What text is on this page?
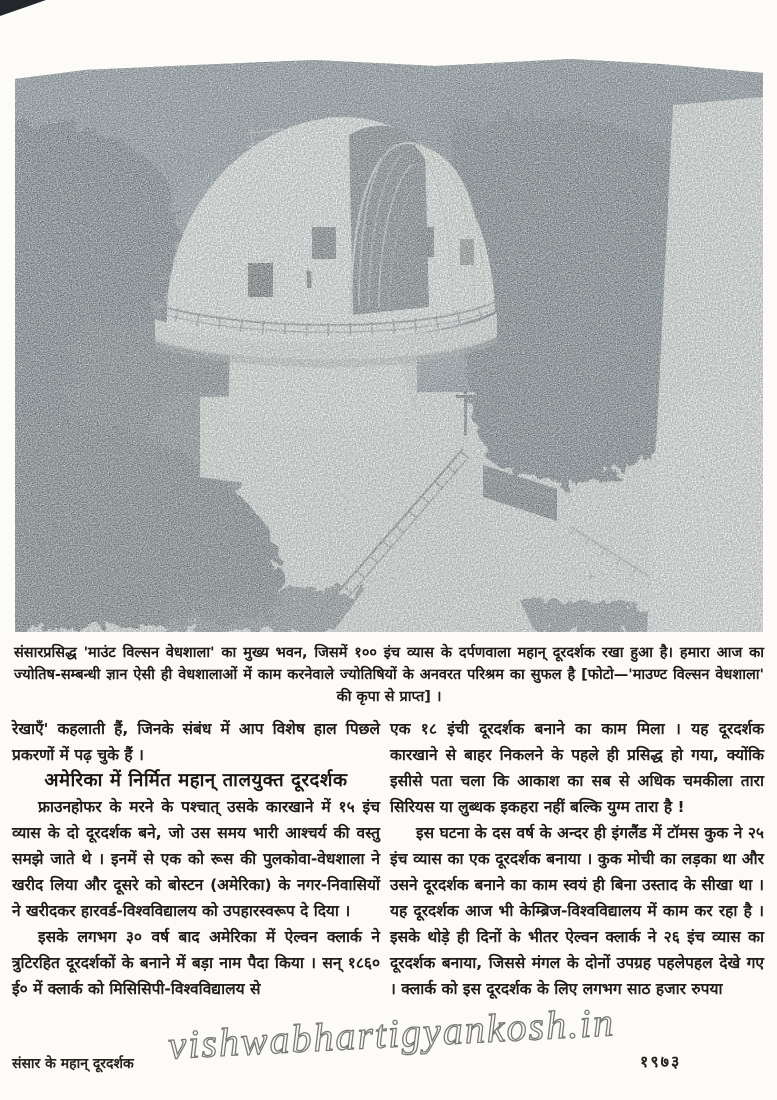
संसारप्रसिद्ध 'माउंट विल्सन वेधशाला' का मुख्य भवन, जिसमें १०० इंच व्यास के दर्पणवाला महान् दूरदर्शक रखा हुआ है। हमारा आज का ज्योतिष-सम्बन्धी ज्ञान ऐसी ही वेधशालाओं में काम करनेवाले ज्योतिषियों के अनवरत परिश्रम का सुफल है [फोटो—'माउण्ट विल्सन वेधशाला' की कृपा से प्राप्त] ।

रेखाएँ' कहलाती हैं, जिनके संबंध में आप विशेष हाल पिछले प्रकरणों में पढ़ चुके हैं ।

अमेरिका में निर्मित महान् तालयुक्त दूरदर्शक

फ्राउनहोफर के मरने के पश्चात् उसके कारखाने में १५ इंच व्यास के दो दूरदर्शक बने, जो उस समय भारी आश्चर्य की वस्तु समझे जाते थे । इनमें से एक को रूस की पुलकोवा-वेधशाला ने खरीद लिया और दूसरे को बोस्टन (अमेरिका) के नगर-निवासियों ने खरीदकर हारवर्ड-विश्वविद्यालय को उपहारस्वरूप दे दिया ।

इसके लगभग ३० वर्ष बाद अमेरिका में ऐल्वन क्लार्क ने त्रुटिरहित दूरदर्शकों के बनाने में बड़ा नाम पैदा किया । सन् १८६० ई० में क्लार्क को मिसिसिपी-विश्वविद्यालय से

एक १८ इंची दूरदर्शक बनाने का काम मिला । यह दूरदर्शक कारखाने से बाहर निकलने के पहले ही प्रसिद्ध हो गया, क्योंकि इसीसे पता चला कि आकाश का सब से अधिक चमकीला तारा सिरियस या लुब्धक इकहरा नहीं बल्कि युग्म तारा है !

इस घटना के दस वर्ष के अन्दर ही इंगलैंड में टॉमस कुक ने २५ इंच व्यास का एक दूरदर्शक बनाया । कुक मोची का लड़का था और उसने दूरदर्शक बनाने का काम स्वयं ही बिना उस्ताद के सीखा था । यह दूरदर्शक आज भी केम्ब्रिज-विश्वविद्यालय में काम कर रहा है । इसके थोड़े ही दिनों के भीतर ऐल्वन क्लार्क ने २६ इंच व्यास का दूरदर्शक बनाया, जिससे मंगल के दोनों उपग्रह पहलेपहल देखे गए । क्लार्क को इस दूरदर्शक के लिए लगभग साठ हजार रुपया

vishwabhartigyankosh.in
संसार के महान् दूरदर्शक	१९७३
